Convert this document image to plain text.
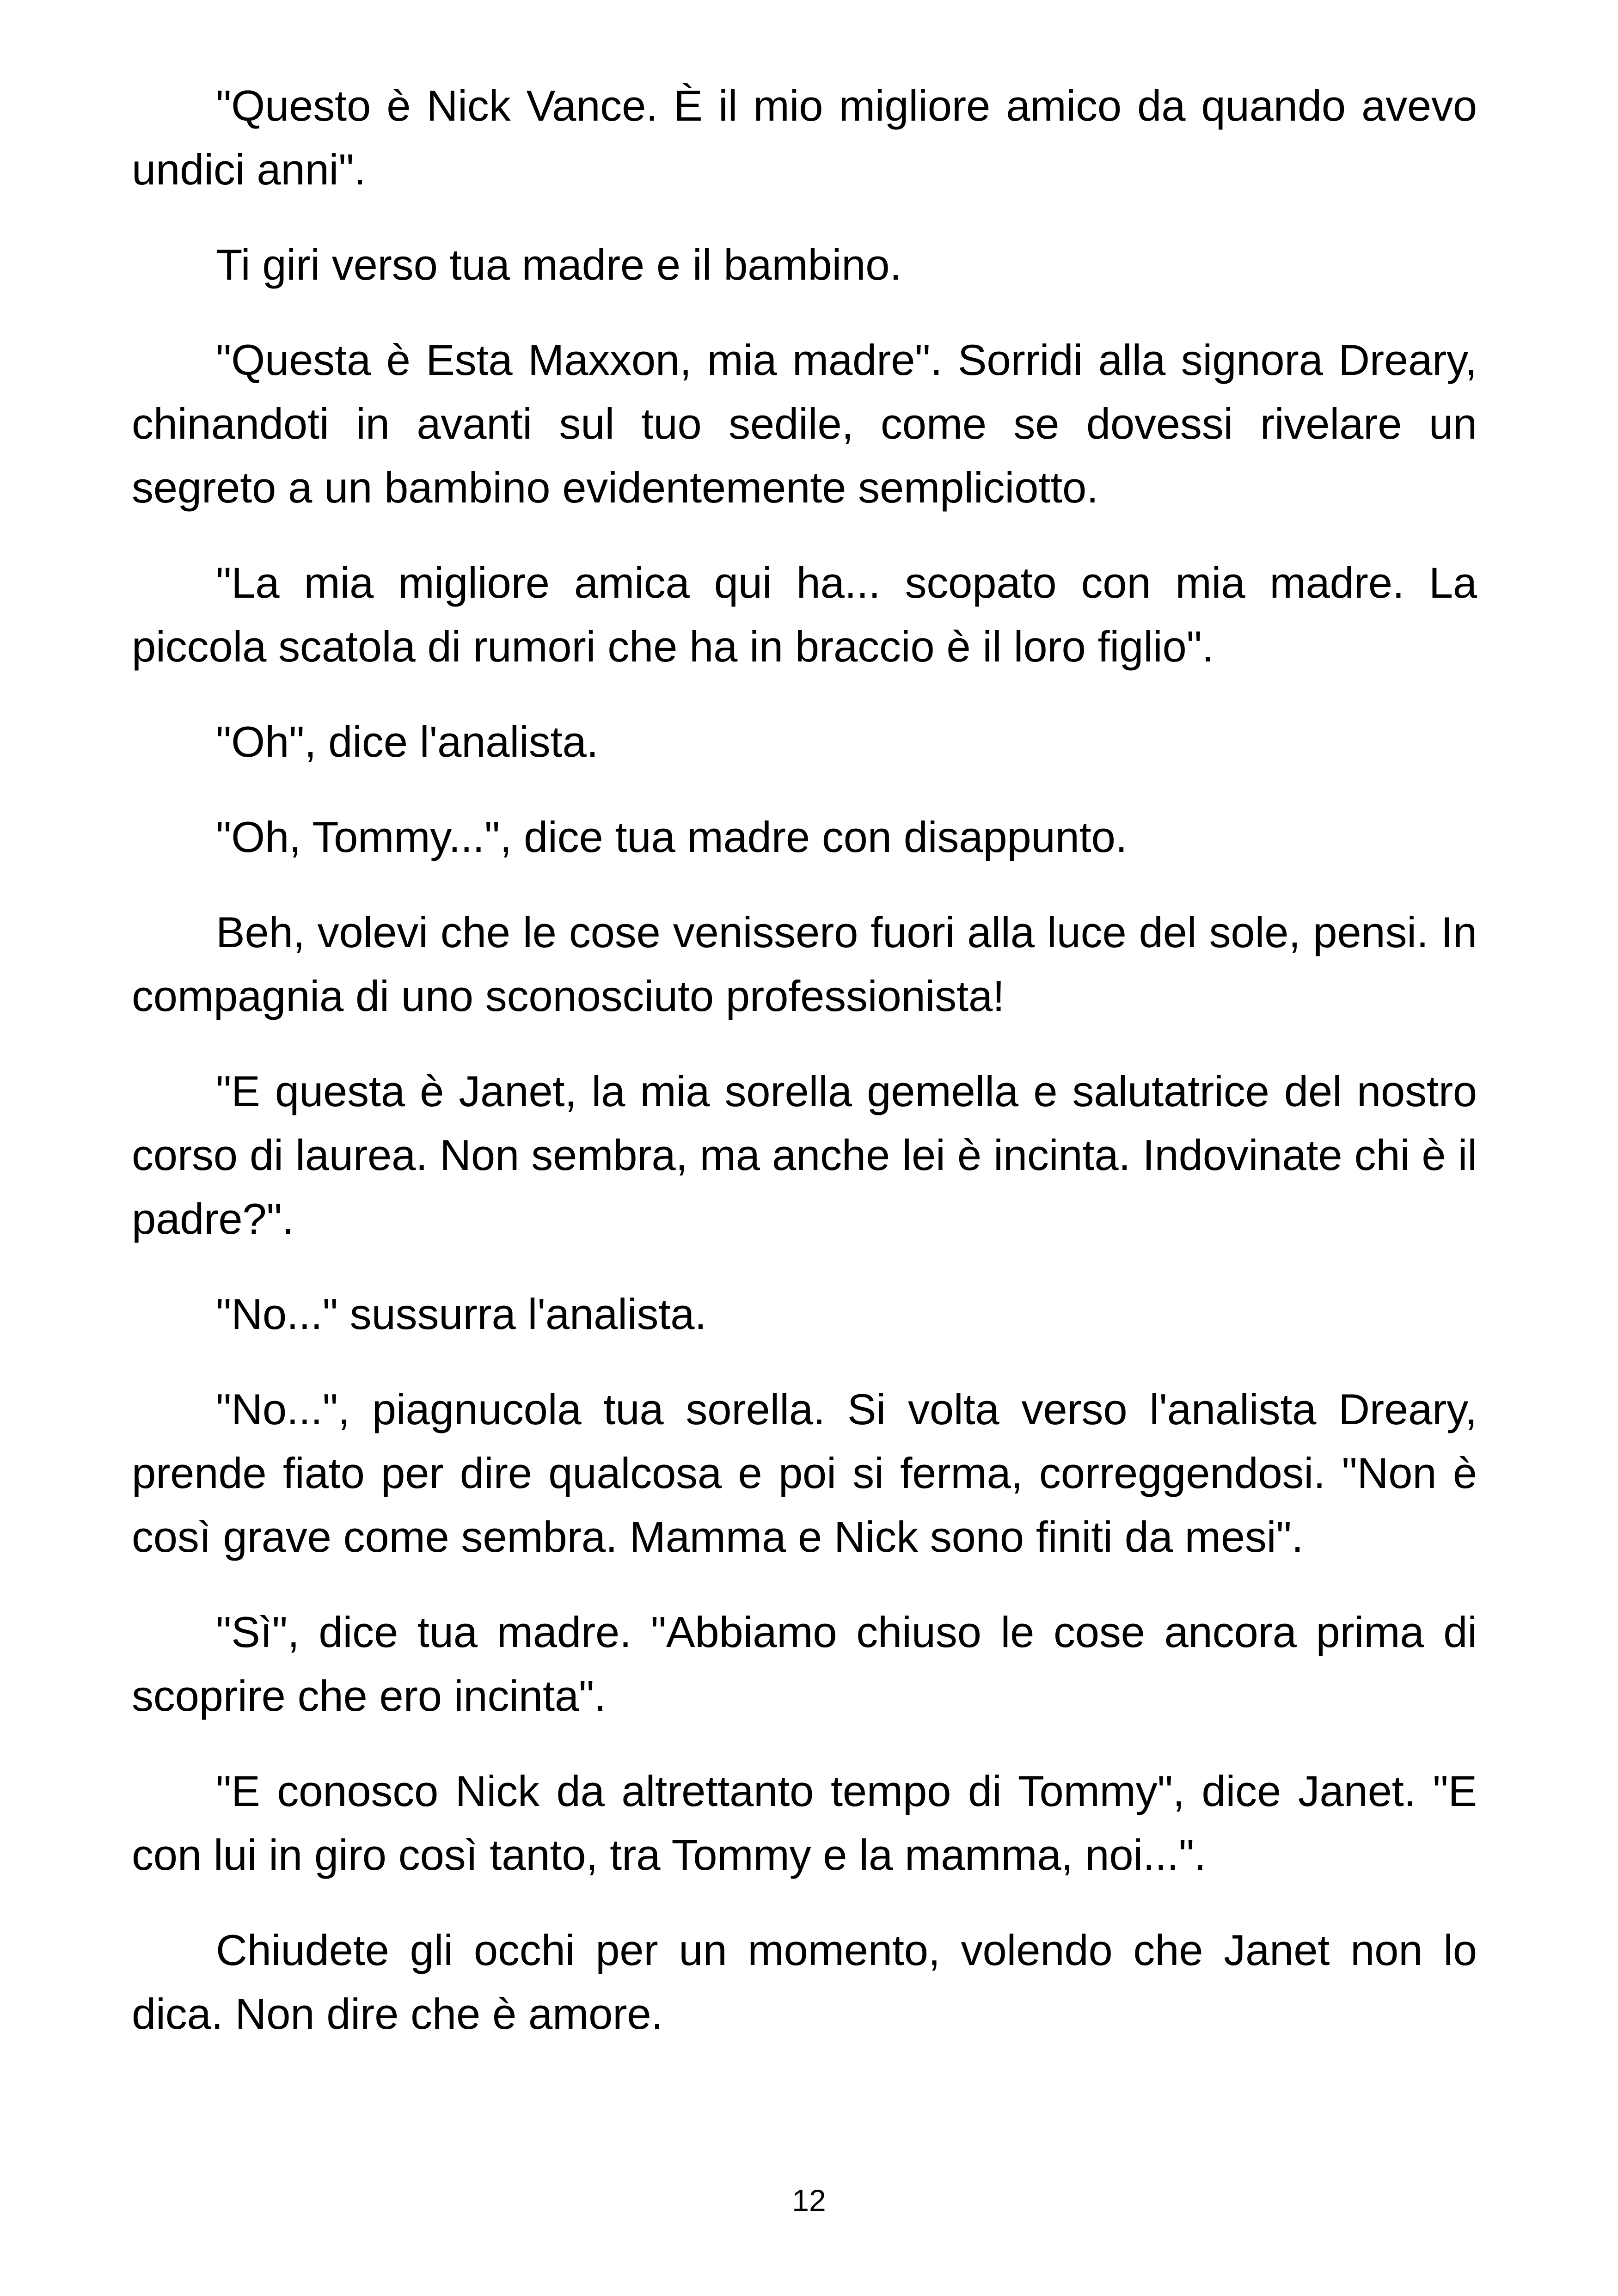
"Questo è Nick Vance. È il mio migliore amico da quando avevo undici anni".

Ti giri verso tua madre e il bambino.

"Questa è Esta Maxxon, mia madre". Sorridi alla signora Dreary, chinandoti in avanti sul tuo sedile, come se dovessi rivelare un segreto a un bambino evidentemente sempliciotto.

"La mia migliore amica qui ha... scopato con mia madre. La piccola scatola di rumori che ha in braccio è il loro figlio".

"Oh", dice l'analista.

"Oh, Tommy...", dice tua madre con disappunto.

Beh, volevi che le cose venissero fuori alla luce del sole, pensi. In compagnia di uno sconosciuto professionista!

"E questa è Janet, la mia sorella gemella e salutatrice del nostro corso di laurea. Non sembra, ma anche lei è incinta. Indovinate chi è il padre?".

"No..." sussurra l'analista.

"No...", piagnucola tua sorella. Si volta verso l'analista Dreary, prende fiato per dire qualcosa e poi si ferma, correggendosi. "Non è così grave come sembra. Mamma e Nick sono finiti da mesi".

"Sì", dice tua madre. "Abbiamo chiuso le cose ancora prima di scoprire che ero incinta".

"E conosco Nick da altrettanto tempo di Tommy", dice Janet. "E con lui in giro così tanto, tra Tommy e la mamma, noi...".

Chiudete gli occhi per un momento, volendo che Janet non lo dica. Non dire che è amore.

12
